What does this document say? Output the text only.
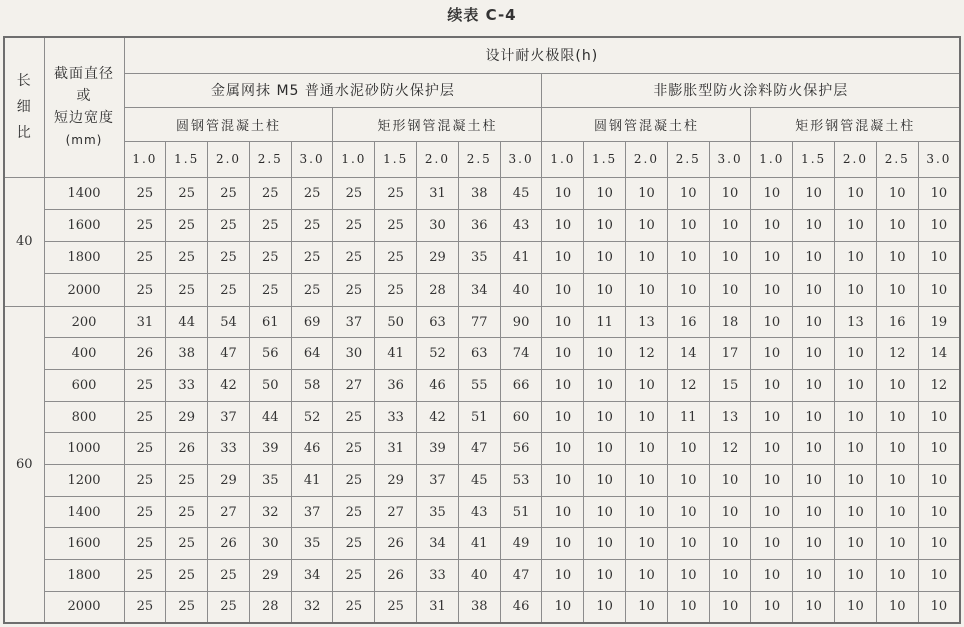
续表 C-4
长
细
比	截面直径
或
短边宽度
(mm)	设计耐火极限(h)																			
		金属网抹 M5 普通水泥砂防火保护层										非膨胀型防火涂料防火保护层									
		圆钢管混凝土柱					矩形钢管混凝土柱					圆钢管混凝土柱					矩形钢管混凝土柱				
		1.0	1.5	2.0	2.5	3.0	1.0	1.5	2.0	2.5	3.0	1.0	1.5	2.0	2.5	3.0	1.0	1.5	2.0	2.5	3.0
40	1400	25	25	25	25	25	25	25	31	38	45	10	10	10	10	10	10	10	10	10	10
	1600	25	25	25	25	25	25	25	30	36	43	10	10	10	10	10	10	10	10	10	10
	1800	25	25	25	25	25	25	25	29	35	41	10	10	10	10	10	10	10	10	10	10
	2000	25	25	25	25	25	25	25	28	34	40	10	10	10	10	10	10	10	10	10	10
60	200	31	44	54	61	69	37	50	63	77	90	10	11	13	16	18	10	10	13	16	19
	400	26	38	47	56	64	30	41	52	63	74	10	10	12	14	17	10	10	10	12	14
	600	25	33	42	50	58	27	36	46	55	66	10	10	10	12	15	10	10	10	10	12
	800	25	29	37	44	52	25	33	42	51	60	10	10	10	11	13	10	10	10	10	10
	1000	25	26	33	39	46	25	31	39	47	56	10	10	10	10	12	10	10	10	10	10
	1200	25	25	29	35	41	25	29	37	45	53	10	10	10	10	10	10	10	10	10	10
	1400	25	25	27	32	37	25	27	35	43	51	10	10	10	10	10	10	10	10	10	10
	1600	25	25	26	30	35	25	26	34	41	49	10	10	10	10	10	10	10	10	10	10
	1800	25	25	25	29	34	25	26	33	40	47	10	10	10	10	10	10	10	10	10	10
	2000	25	25	25	28	32	25	25	31	38	46	10	10	10	10	10	10	10	10	10	10
